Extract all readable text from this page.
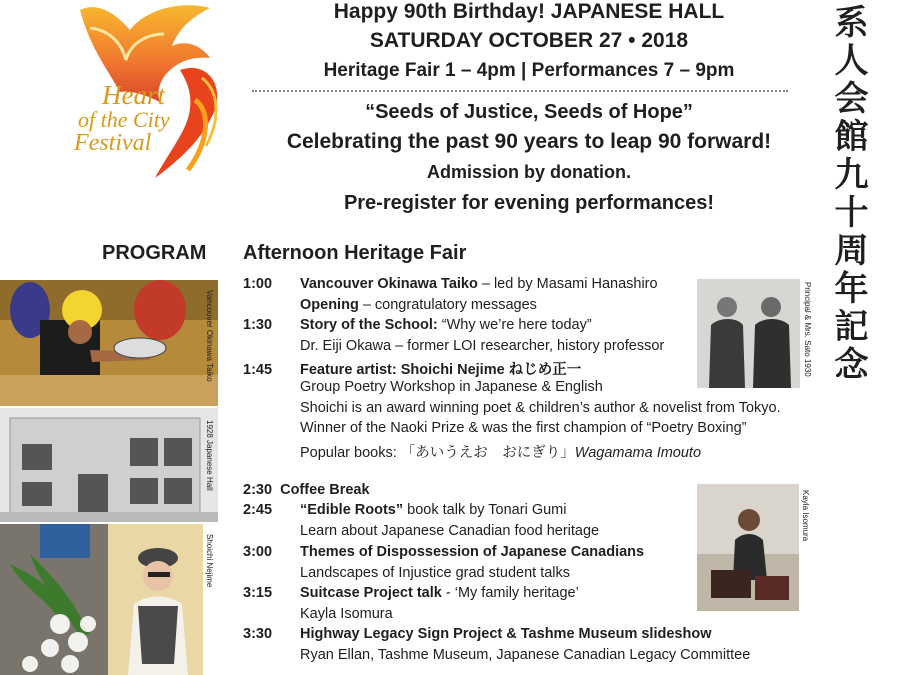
Heart
of the City
Festival
Happy 90th Birthday! JAPANESE HALL
SATURDAY OCTOBER 27 • 2018
Heritage Fair 1 – 4pm | Performances 7 – 9pm
“Seeds of Justice, Seeds of Hope”
Celebrating the past 90 years to leap 90 forward!
Admission by donation.
Pre-register for evening performances!	系人会館九十周年記念
PROGRAM Afternoon Heritage Fair
Vancouver Okinawa Taiko
1928 Japanese Hall
Shoichi Nejime
Principal & Mrs. Sato 1930
Kayla Isomura
1:00 Vancouver Okinawa Taiko – led by Masami Hanashiro
Opening – congratulatory messages
1:30 Story of the School: “Why we’re here today”
Dr. Eiji Okawa – former LOI researcher, history professor
1:45 Feature artist: Shoichi Nejime ねじめ正一
Group Poetry Workshop in Japanese & English
Shoichi is an award winning poet & children’s author & novelist from Tokyo.
Winner of the Naoki Prize & was the first champion of “Poetry Boxing”
Popular books: 「あいうえお　おにぎり」Wagamama Imouto
2:30 Coffee Break
2:45 “Edible Roots” book talk by Tonari Gumi
Learn about Japanese Canadian food heritage
3:00 Themes of Dispossession of Japanese Canadians
Landscapes of Injustice grad student talks
3:15 Suitcase Project talk - ‘My family heritage’
Kayla Isomura
3:30 Highway Legacy Sign Project & Tashme Museum slideshow
Ryan Ellan, Tashme Museum, Japanese Canadian Legacy Committee
